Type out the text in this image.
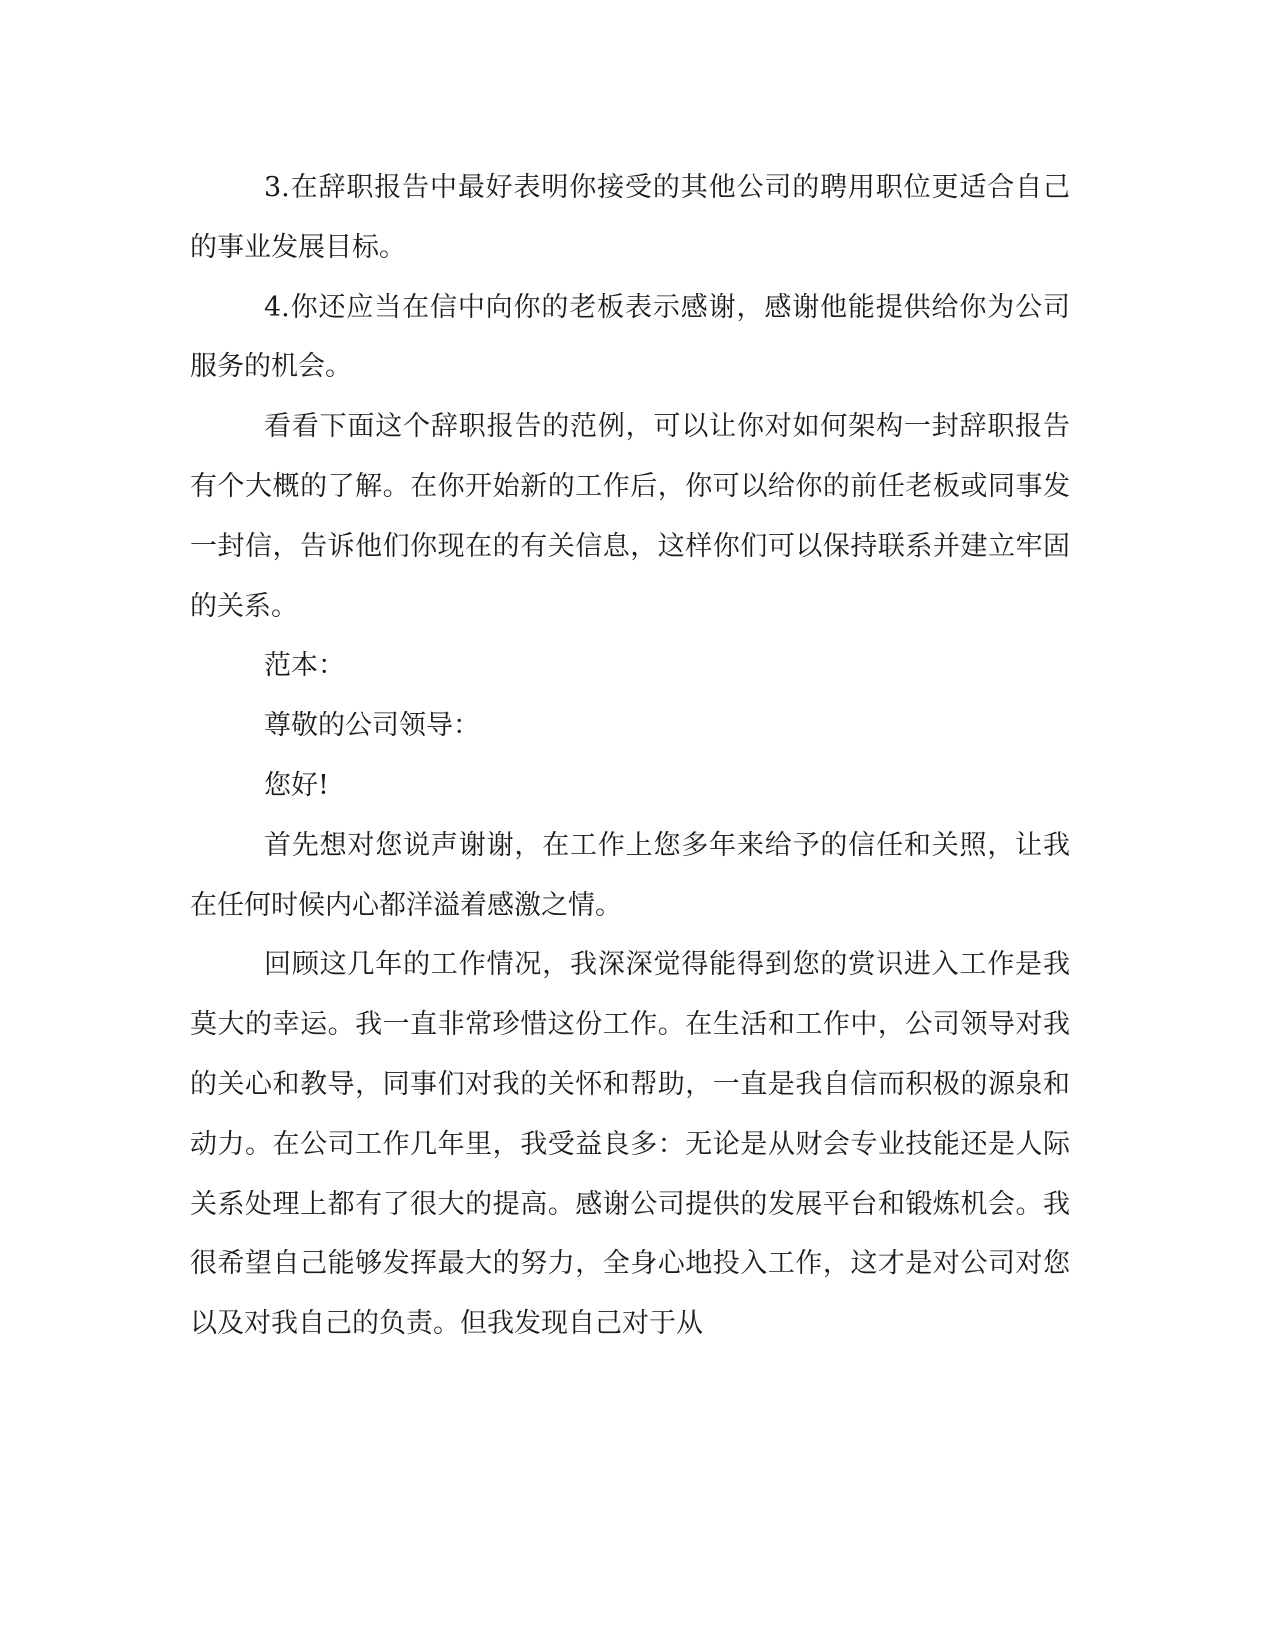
3.在辞职报告中最好表明你接受的其他公司的聘用职位更适合自己的事业发展目标。

4.你还应当在信中向你的老板表示感谢，感谢他能提供给你为公司服务的机会。

看看下面这个辞职报告的范例，可以让你对如何架构一封辞职报告有个大概的了解。在你开始新的工作后，你可以给你的前任老板或同事发一封信，告诉他们你现在的有关信息，这样你们可以保持联系并建立牢固的关系。

范本：

尊敬的公司领导：

您好!

首先想对您说声谢谢，在工作上您多年来给予的信任和关照，让我在任何时候内心都洋溢着感激之情。

回顾这几年的工作情况，我深深觉得能得到您的赏识进入工作是我莫大的幸运。我一直非常珍惜这份工作。在生活和工作中，公司领导对我的关心和教导，同事们对我的关怀和帮助，一直是我自信而积极的源泉和动力。在公司工作几年里，我受益良多：无论是从财会专业技能还是人际关系处理上都有了很大的提高。感谢公司提供的发展平台和锻炼机会。我很希望自己能够发挥最大的努力，全身心地投入工作，这才是对公司对您以及对我自己的负责。但我发现自己对于从
